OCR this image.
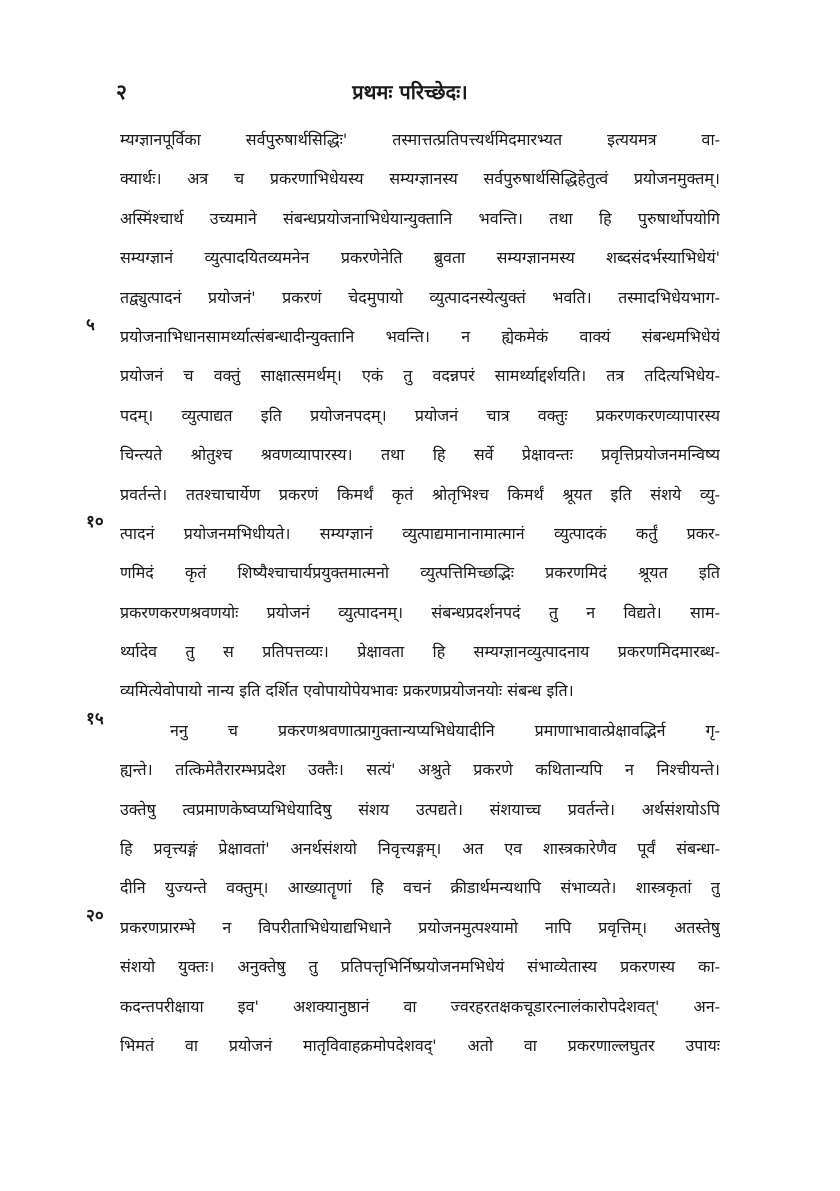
२	प्रथमः परिच्छेदः।
५
१०
१५
२०
म्यग्ज्ञानपूर्विका सर्वपुरुषार्थसिद्धिः' तस्मात्तत्प्रतिपत्त्यर्थमिदमारभ्यत इत्ययमत्र वा-
क्यार्थः। अत्र च प्रकरणाभिधेयस्य सम्यग्ज्ञानस्य सर्वपुरुषार्थसिद्धिहेतुत्वं प्रयोजनमुक्तम्।
अस्मिंश्चार्थ उच्यमाने संबन्धप्रयोजनाभिधेयान्युक्तानि भवन्ति। तथा हि पुरुषार्थोपयोगि
सम्यग्ज्ञानं व्युत्पादयितव्यमनेन प्रकरणेनेति ब्रुवता सम्यग्ज्ञानमस्य शब्दसंदर्भस्याभिधेयं'
तद्व्युत्पादनं प्रयोजनं' प्रकरणं चेदमुपायो व्युत्पादनस्येत्युक्तं भवति। तस्मादभिधेयभाग-
प्रयोजनाभिधानसामर्थ्यात्संबन्धादीन्युक्तानि भवन्ति। न ह्येकमेकं वाक्यं संबन्धमभिधेयं
प्रयोजनं च वक्तुं साक्षात्समर्थम्। एकं तु वदन्नपरं सामर्थ्याद्दर्शयति। तत्र तदित्यभिधेय-
पदम्। व्युत्पाद्यत इति प्रयोजनपदम्। प्रयोजनं चात्र वक्तुः प्रकरणकरणव्यापारस्य
चिन्त्यते श्रोतुश्च श्रवणव्यापारस्य। तथा हि सर्वे प्रेक्षावन्तः प्रवृत्तिप्रयोजनमन्विष्य
प्रवर्तन्ते। ततश्चाचार्येण प्रकरणं किमर्थं कृतं श्रोतृभिश्च किमर्थं श्रूयत इति संशये व्यु-
त्पादनं प्रयोजनमभिधीयते। सम्यग्ज्ञानं व्युत्पाद्यमानानामात्मानं व्युत्पादकं कर्तुं प्रकर-
णमिदं कृतं शिष्यैश्चाचार्यप्रयुक्तमात्मनो व्युत्पत्तिमिच्छद्भिः प्रकरणमिदं श्रूयत इति
प्रकरणकरणश्रवणयोः प्रयोजनं व्युत्पादनम्। संबन्धप्रदर्शनपदं तु न विद्यते। साम-
र्थ्यादेव तु स प्रतिपत्तव्यः। प्रेक्षावता हि सम्यग्ज्ञानव्युत्पादनाय प्रकरणमिदमारब्ध-
व्यमित्येवोपायो नान्य इति दर्शित एवोपायोपेयभावः प्रकरणप्रयोजनयोः संबन्ध इति।
ननु च प्रकरणश्रवणात्प्रागुक्तान्यप्यभिधेयादीनि प्रमाणाभावात्प्रेक्षावद्भिर्न गृ-
ह्यन्ते। तत्किमेतैरारम्भप्रदेश उक्तैः। सत्यं' अश्रुते प्रकरणे कथितान्यपि न निश्चीयन्ते।
उक्तेषु त्वप्रमाणकेष्वप्यभिधेयादिषु संशय उत्पद्यते। संशयाच्च प्रवर्तन्ते। अर्थसंशयोऽपि
हि प्रवृत्त्यङ्गं प्रेक्षावतां' अनर्थसंशयो निवृत्त्यङ्गम्। अत एव शास्त्रकारेणैव पूर्वं संबन्धा-
दीनि युज्यन्ते वक्तुम्। आख्यातॄणां हि वचनं क्रीडार्थमन्यथापि संभाव्यते। शास्त्रकृतां तु
प्रकरणप्रारम्भे न विपरीताभिधेयाद्यभिधाने प्रयोजनमुत्पश्यामो नापि प्रवृत्तिम्। अतस्तेषु
संशयो युक्तः। अनुक्तेषु तु प्रतिपत्तृभिर्निष्प्रयोजनमभिधेयं संभाव्येतास्य प्रकरणस्य का-
कदन्तपरीक्षाया इव' अशक्यानुष्ठानं वा ज्वरहरतक्षकचूडारत्नालंकारोपदेशवत्' अन-
भिमतं वा प्रयोजनं मातृविवाहक्रमोपदेशवद्' अतो वा प्रकरणाल्लघुतर उपायः
